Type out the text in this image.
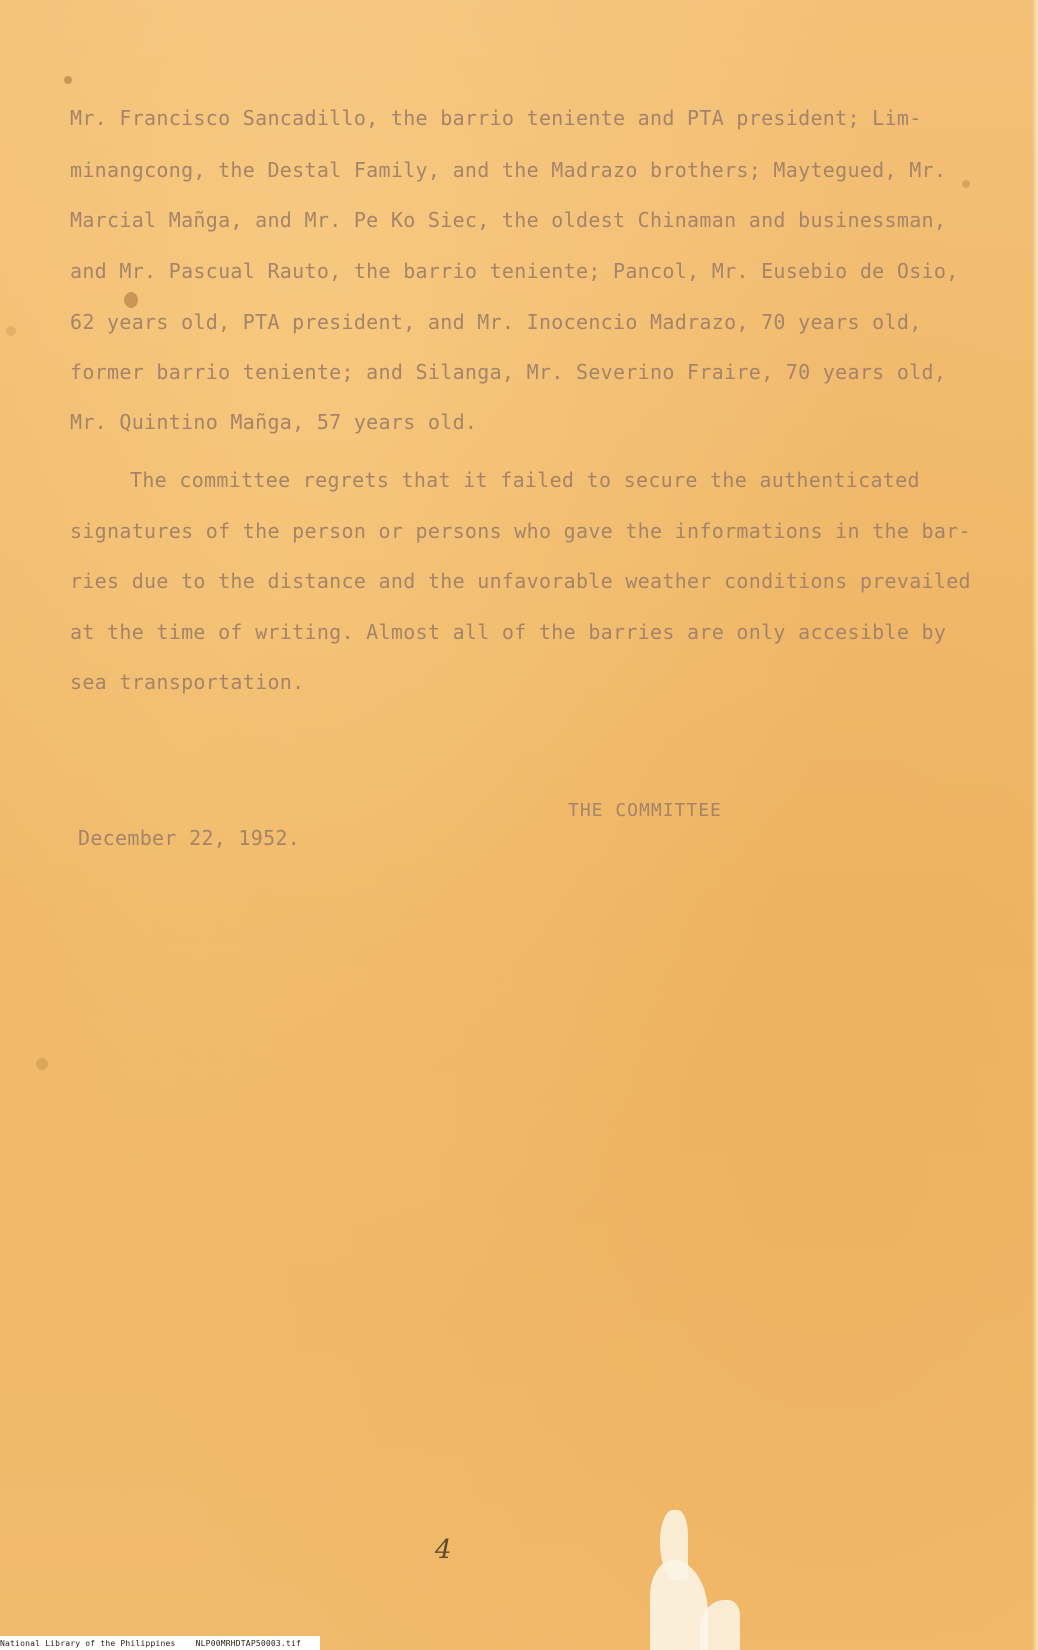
Mr. Francisco Sancadillo, the barrio teniente and PTA president; Lim-
minangcong, the Destal Family, and the Madrazo brothers; Maytegued, Mr.
Marcial Mañga, and Mr. Pe Ko Siec, the oldest Chinaman and businessman,
and Mr. Pascual Rauto, the barrio teniente; Pancol, Mr. Eusebio de Osio,
62 years old, PTA president, and Mr. Inocencio Madrazo, 70 years old,
former barrio teniente; and Silanga, Mr. Severino Fraire, 70 years old,
Mr. Quintino Mañga, 57 years old.
The committee regrets that it failed to secure the authenticated
signatures of the person or persons who gave the informations in the bar-
ries due to the distance and the unfavorable weather conditions prevailed
at the time of writing. Almost all of the barries are only accesible by
sea transportation.
THE COMMITTEE
December 22, 1952.
4
National Library of the Philippines    NLP00MRHDTAP50003.tif
